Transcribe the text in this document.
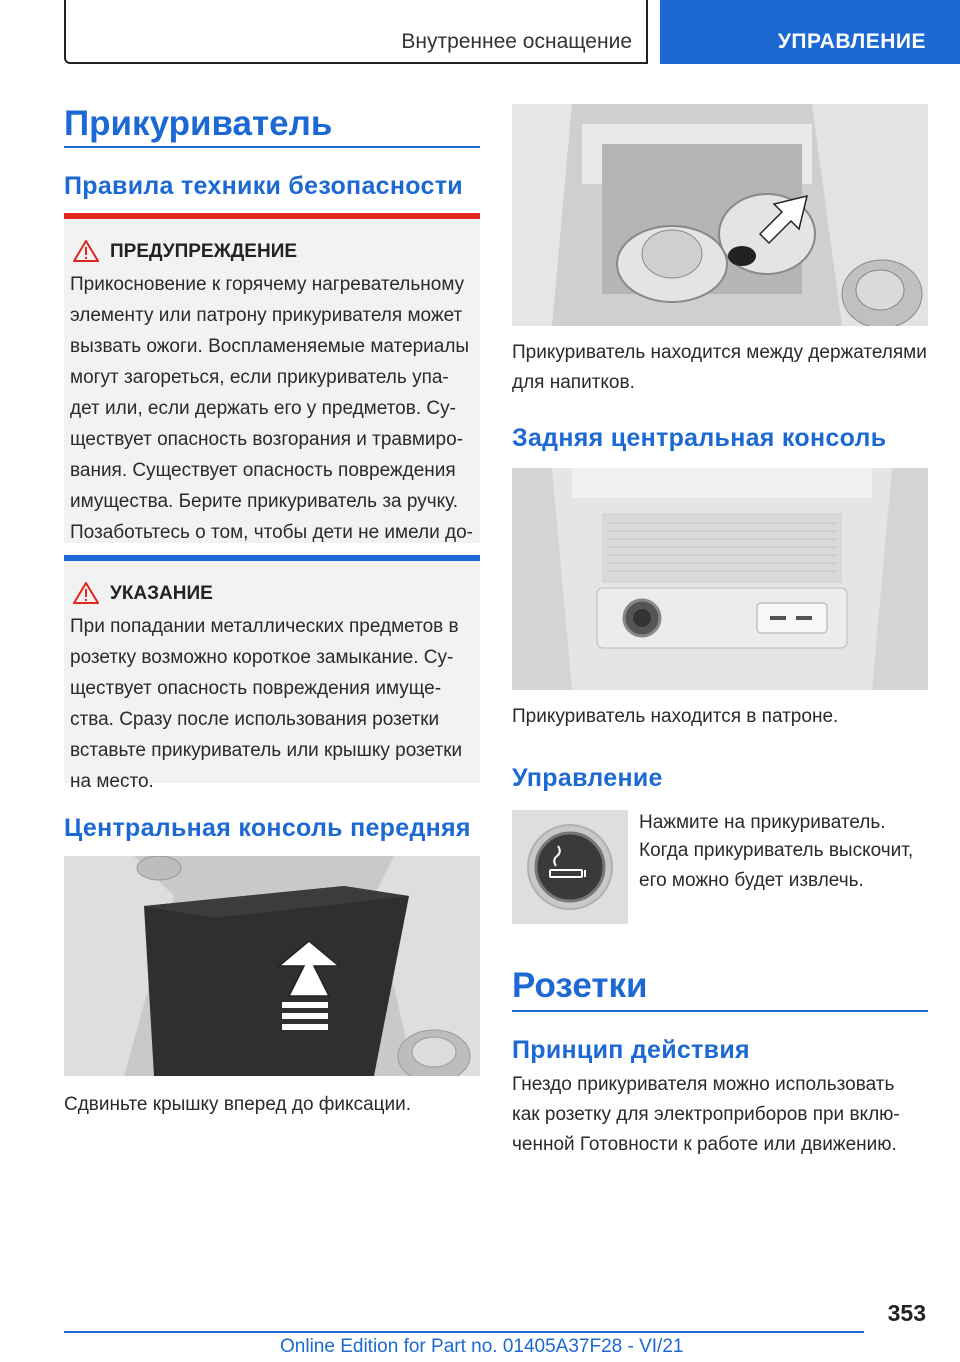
Внутреннее оснащение	УПРАВЛЕНИЕ
Прикуриватель
Правила техники безопасности
ПРЕДУПРЕЖДЕНИЕ
Прикосновение к горячему нагревательному
элементу или патрону прикуривателя может
вызвать ожоги. Воспламеняемые материалы
могут загореться, если прикуриватель упа-
дет или, если держать его у предметов. Су-
ществует опасность возгорания и травмиро-
вания. Существует опасность повреждения
имущества. Берите прикуриватель за ручку.
Позаботьтесь о том, чтобы дети не имели до-
УКАЗАНИЕ
При попадании металлических предметов в
розетку возможно короткое замыкание. Су-
ществует опасность повреждения имуще-
ства. Сразу после использования розетки
вставьте прикуриватель или крышку розетки
на место.
Центральная консоль передняя
Сдвиньте крышку вперед до фиксации.
Прикуриватель находится между держателями
для напитков.
Задняя центральная консоль
Прикуриватель находится в патроне.
Управление
Нажмите на прикуриватель.
Когда прикуриватель выскочит,
его можно будет извлечь.
Розетки
Принцип действия
Гнездо прикуривателя можно использовать
как розетку для электроприборов при вклю-
ченной Готовности к работе или движению.
353
Online Edition for Part no. 01405A37F28 - VI/21
